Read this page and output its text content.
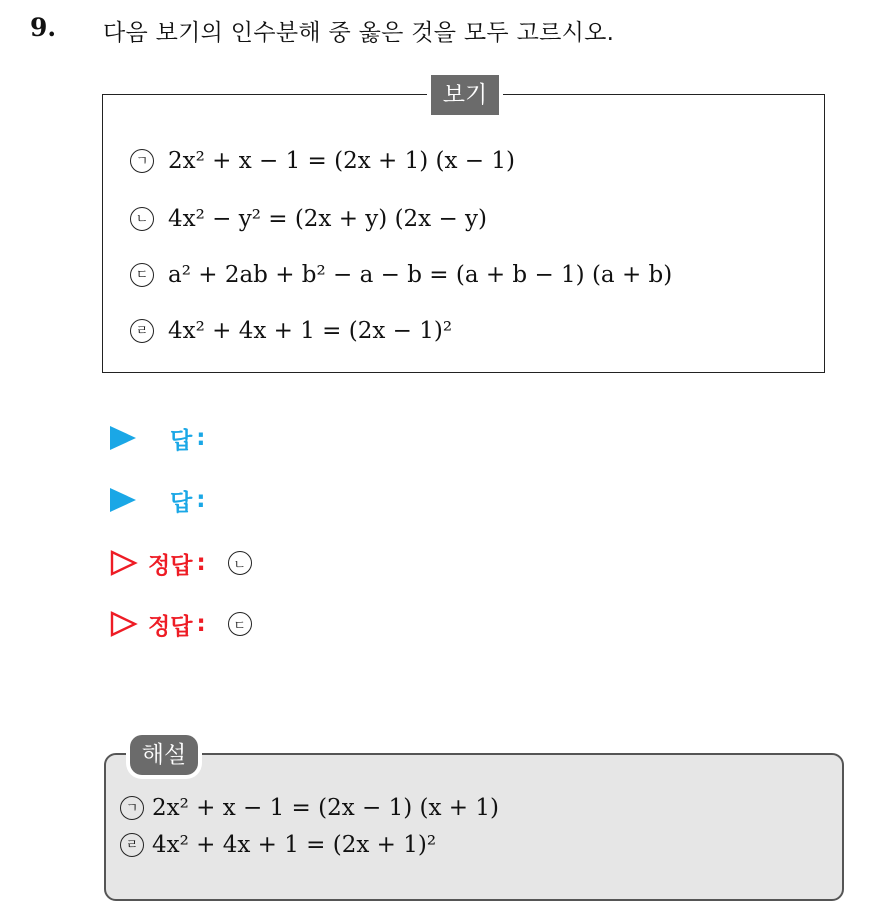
9. 다음 보기의 인수분해 중 옳은 것을 모두 고르시오.
보기
ㄱ 2x² + x − 1 = (2x + 1) (x − 1)
ㄴ 4x² − y² = (2x + y) (2x − y)
ㄷ a² + 2ab + b² − a − b = (a + b − 1) (a + b)
ㄹ 4x² + 4x + 1 = (2x − 1)²
답 :
답 :
정답 :	ㄴ
정답 :	ㄷ
해설
ㄱ 2x² + x − 1 = (2x − 1) (x + 1)
ㄹ 4x² + 4x + 1 = (2x + 1)²
